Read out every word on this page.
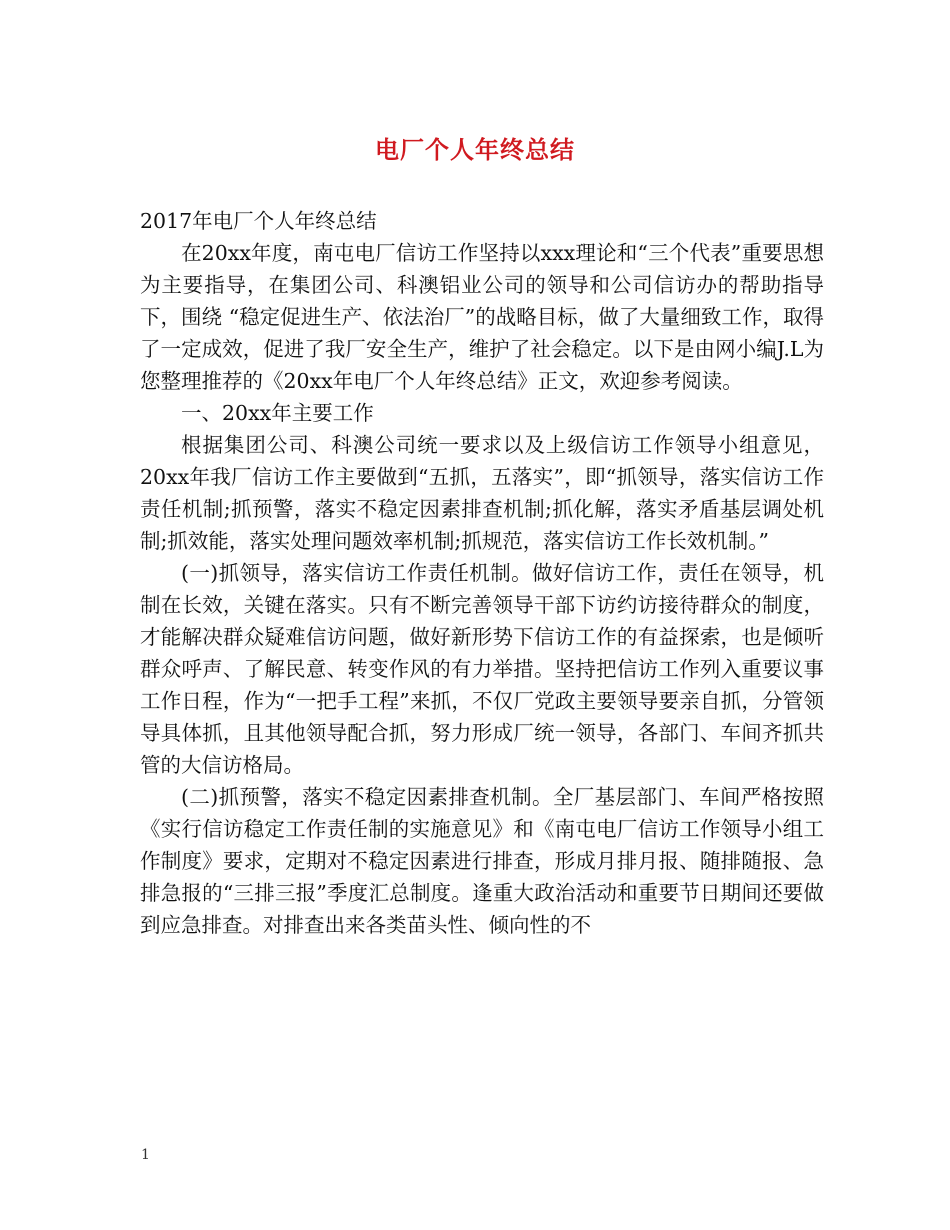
电厂个人年终总结

2017年电厂个人年终总结

在20xx年度，南屯电厂信访工作坚持以xxx理论和“三个代表”重要思想为主要指导，在集团公司、科澳铝业公司的领导和公司信访办的帮助指导下，围绕 “稳定促进生产、依法治厂”的战略目标，做了大量细致工作，取得了一定成效，促进了我厂安全生产，维护了社会稳定。以下是由网小编J.L为您整理推荐的《20xx年电厂个人年终总结》正文，欢迎参考阅读。

一、20xx年主要工作

根据集团公司、科澳公司统一要求以及上级信访工作领导小组意见，20xx年我厂信访工作主要做到“五抓，五落实”，即“抓领导，落实信访工作责任机制;抓预警，落实不稳定因素排查机制;抓化解，落实矛盾基层调处机制;抓效能，落实处理问题效率机制;抓规范，落实信访工作长效机制。”

(一)抓领导，落实信访工作责任机制。做好信访工作，责任在领导，机制在长效，关键在落实。只有不断完善领导干部下访约访接待群众的制度，才能解决群众疑难信访问题，做好新形势下信访工作的有益探索，也是倾听群众呼声、了解民意、转变作风的有力举措。坚持把信访工作列入重要议事工作日程，作为“一把手工程”来抓，不仅厂党政主要领导要亲自抓，分管领导具体抓，且其他领导配合抓，努力形成厂统一领导，各部门、车间齐抓共管的大信访格局。

(二)抓预警，落实不稳定因素排查机制。全厂基层部门、车间严格按照《实行信访稳定工作责任制的实施意见》和《南屯电厂信访工作领导小组工作制度》要求，定期对不稳定因素进行排查，形成月排月报、随排随报、急排急报的“三排三报”季度汇总制度。逢重大政治活动和重要节日期间还要做到应急排查。对排查出来各类苗头性、倾向性的不

1
